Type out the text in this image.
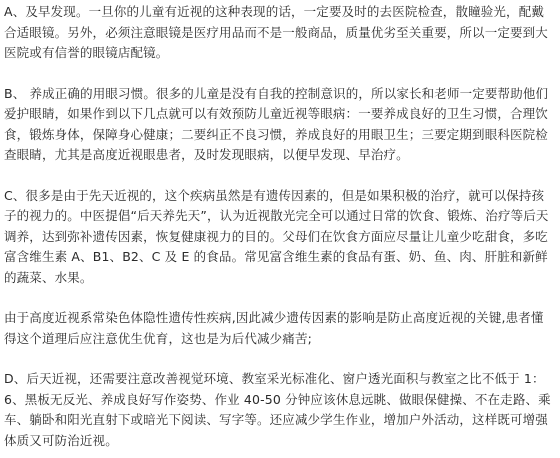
A、及早发现。一旦你的儿童有近视的这种表现的话，一定要及时的去医院检查，散瞳验光，配戴合适眼镜。另外，必须注意眼镜是医疗用品而不是一般商品，质量优劣至关重要，所以一定要到大医院或有信誉的眼镜店配镜。

B、 养成正确的用眼习惯。很多的儿童是没有自我的控制意识的，所以家长和老师一定要帮助他们爱护眼睛，如果作到以下几点就可以有效预防儿童近视等眼病：一要养成良好的卫生习惯，合理饮食，锻炼身体，保障身心健康；二要纠正不良习惯，养成良好的用眼卫生；三要定期到眼科医院检查眼睛，尤其是高度近视眼患者，及时发现眼病，以便早发现、早治疗。

C、很多是由于先天近视的，这个疾病虽然是有遗传因素的，但是如果积极的治疗，就可以保持孩子的视力的。中医提倡“后天养先天”，认为近视散光完全可以通过日常的饮食、锻炼、治疗等后天调养，达到弥补遗传因素，恢复健康视力的目的。父母们在饮食方面应尽量让儿童少吃甜食，多吃富含维生素 A、B1、B2、C 及 E 的食品。常见富含维生素的食品有蛋、奶、鱼、肉、肝脏和新鲜的蔬菜、水果。

由于高度近视系常染色体隐性遗传性疾病,因此减少遗传因素的影响是防止高度近视的关键,患者懂得这个道理后应注意优生优育，这也是为后代减少痛苦;

D、后天近视，还需要注意改善视觉环境、教室采光标准化、窗户透光面积与教室之比不低于 1：6、黑板无反光、养成良好写作姿势、作业 40-50 分钟应该休息远眺、做眼保健操、不在走路、乘车、躺卧和阳光直射下或暗光下阅读、写字等。还应减少学生作业，增加户外活动，这样既可增强体质又可防治近视。
